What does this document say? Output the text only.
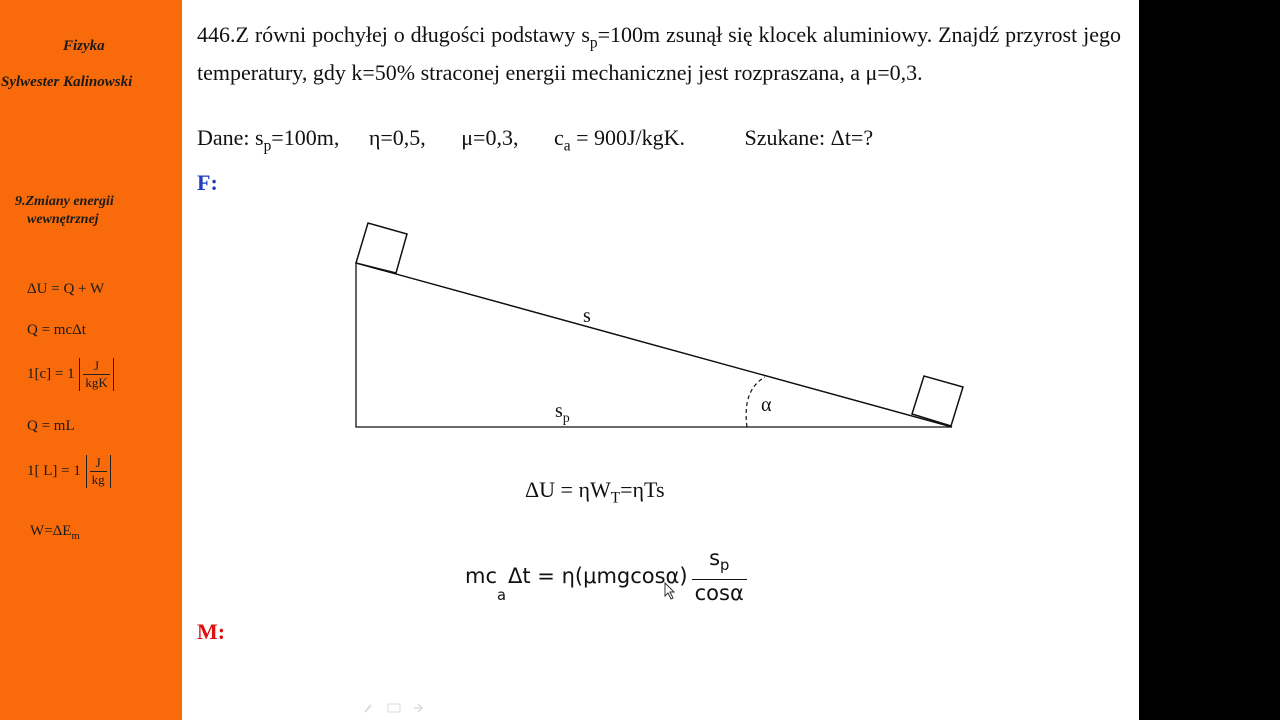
Fizyka
Sylwester Kalinowski
9.Zmiany energii
wewnętrznej
ΔU = Q + W
Q = mcΔt
$1[c] = 1 \frac{J}{\text{kgK}}$
Q = mL
1[ $L] = 1 \frac{J}{kg}$
$W=\Delta E_m$
446.Z równi pochyłej o długości podstawy $s_p=100m$ zsunął się klocek aluminiowy. Znajdź przyrost jego temperatury, gdy k=50% straconej energii mechanicznej jest rozpraszana, a μ=0,3.
Dane: $s_p=100m$, η=0,5, μ=0,3, $c_a = 900J/kgK$.	Szukane: Δt=?
F:
s
$s_p$
α
$\Delta U = \eta W_T=\eta Ts$
mc
$_a$
$\Delta t = \eta(\mu mgcos\alpha) \frac{s_p}{\cos\alpha}$
M:
